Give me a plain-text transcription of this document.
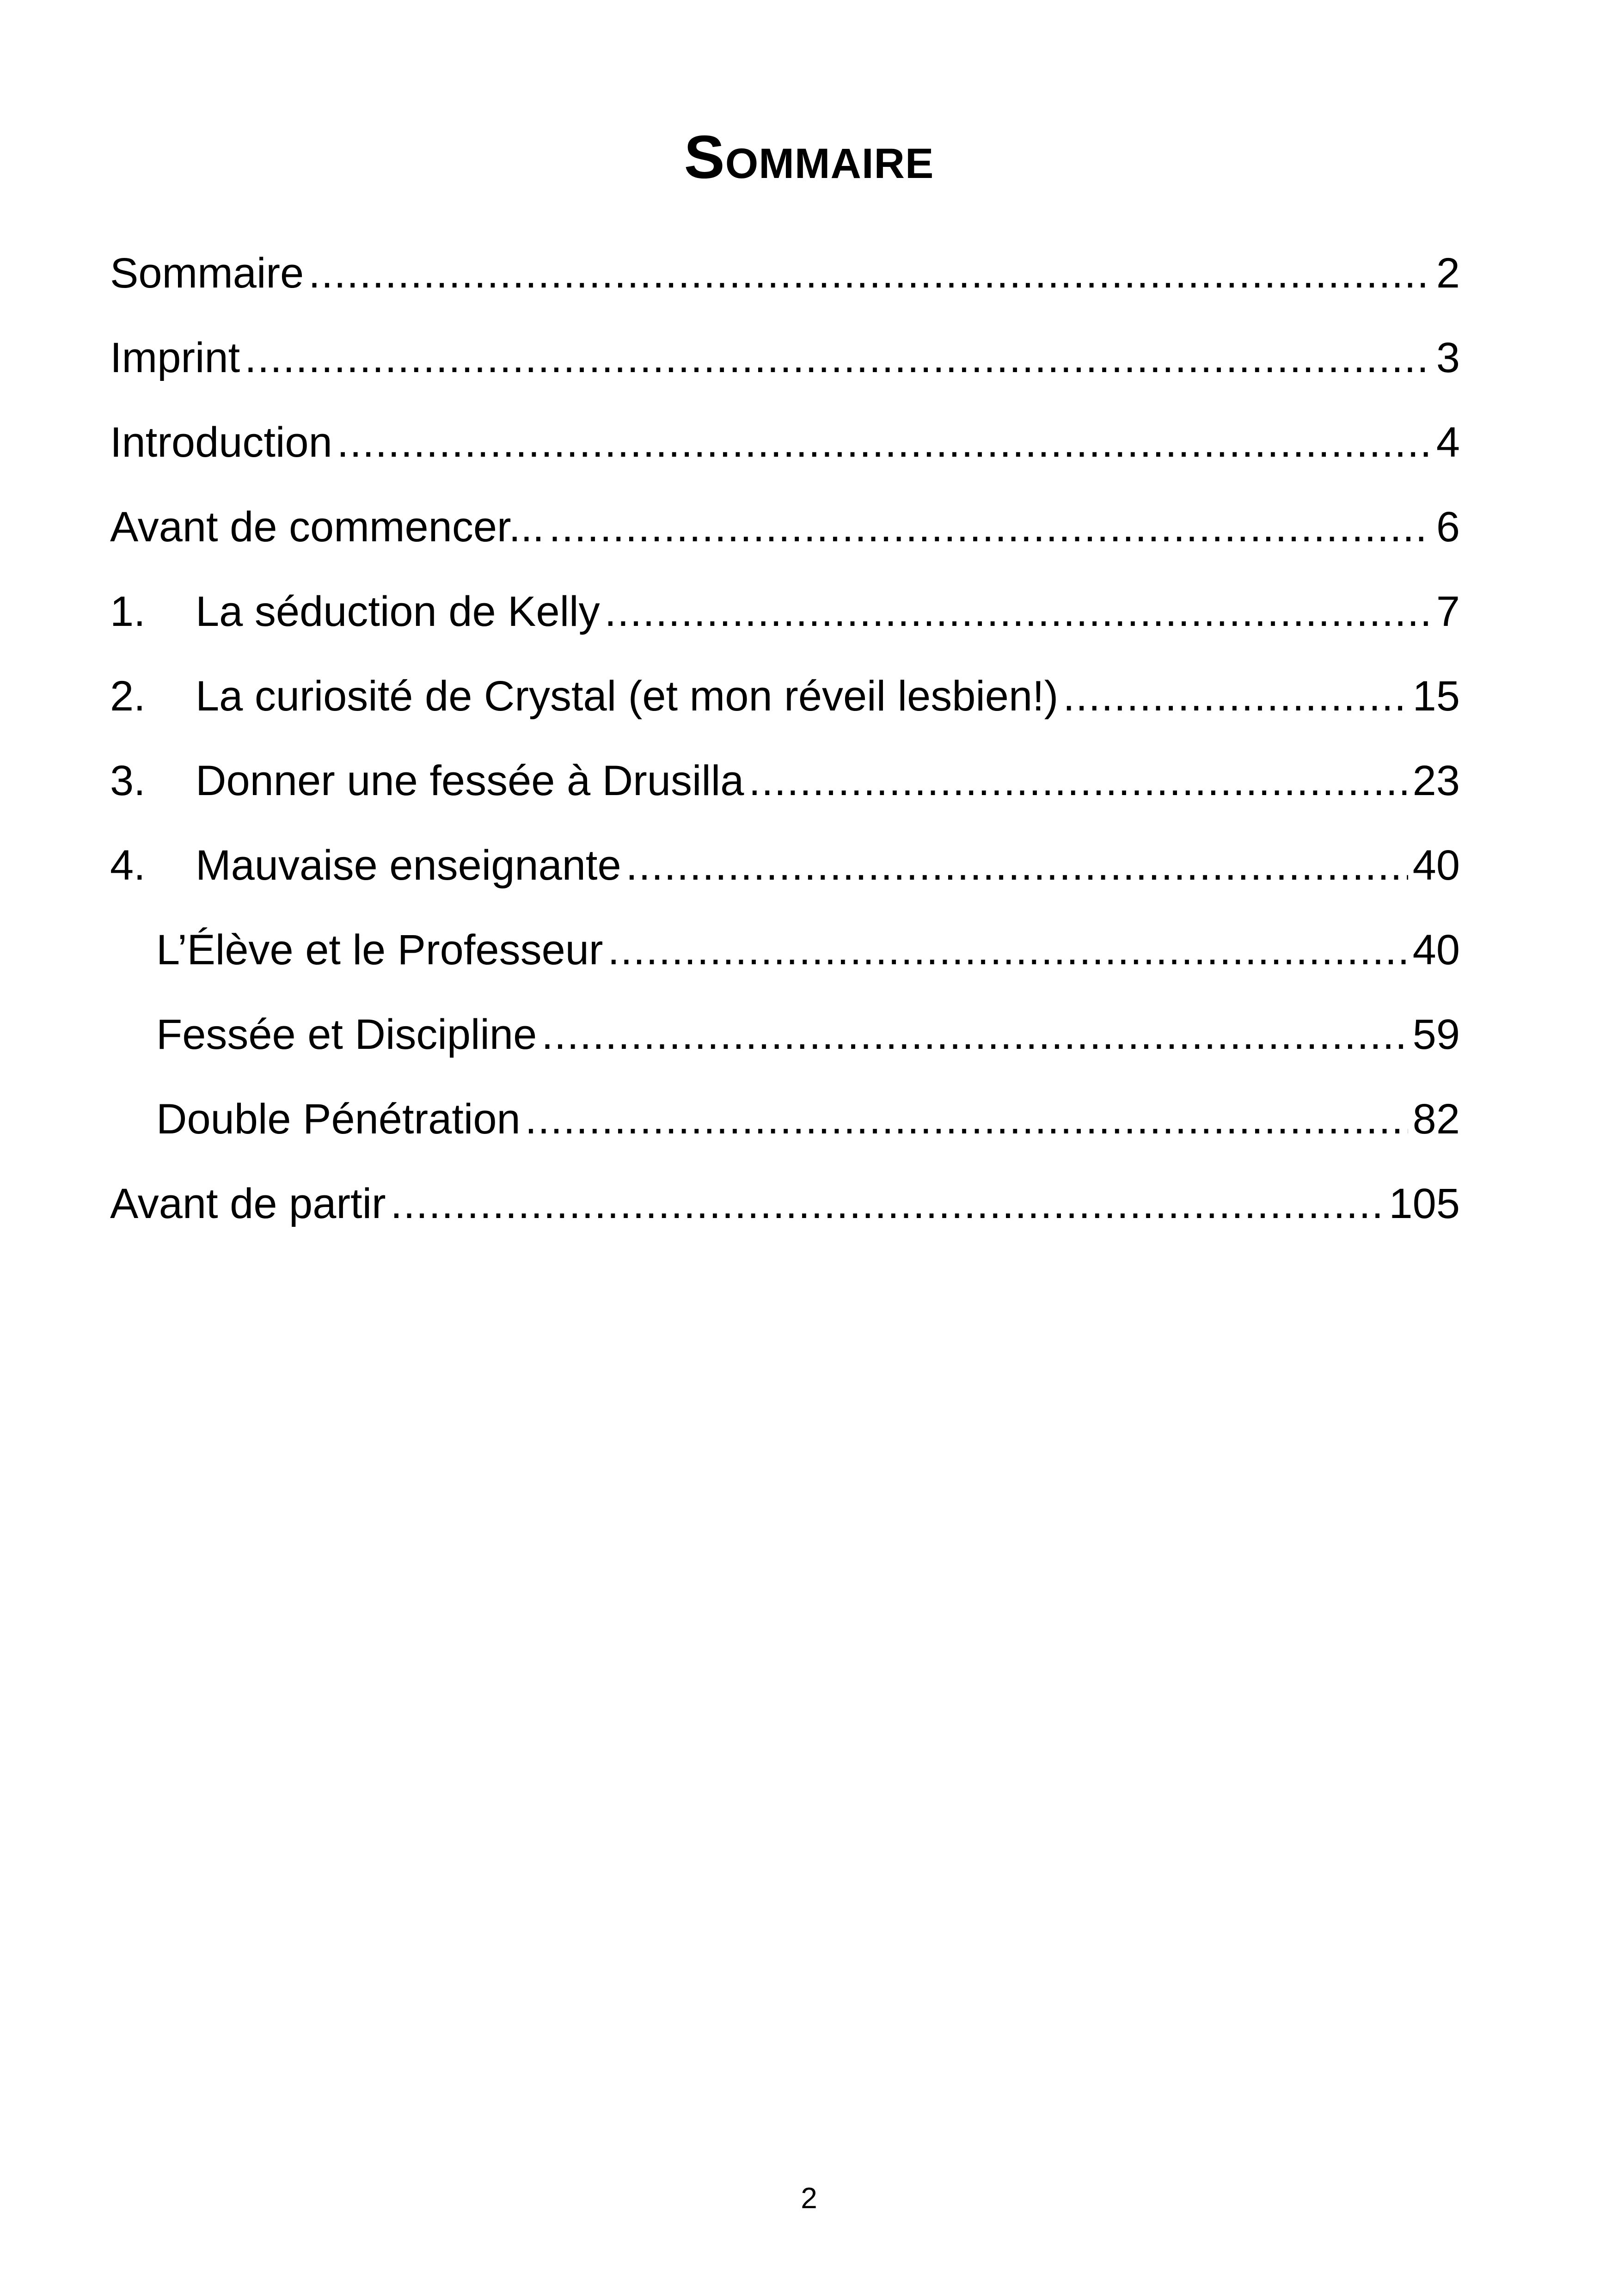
Sommaire
Sommaire .....	2
Imprint .....	3
Introduction .....	4
Avant de commencer... .....	6
1.	La séduction de Kelly .....	7
2.	La curiosité de Crystal (et mon réveil lesbien!) .....	15
3.	Donner une fessée à Drusilla .....	23
4.	Mauvaise enseignante .....	40
L’Élève et le Professeur .....	40
Fessée et Discipline .....	59
Double Pénétration .....	82
Avant de partir .....	105
2
